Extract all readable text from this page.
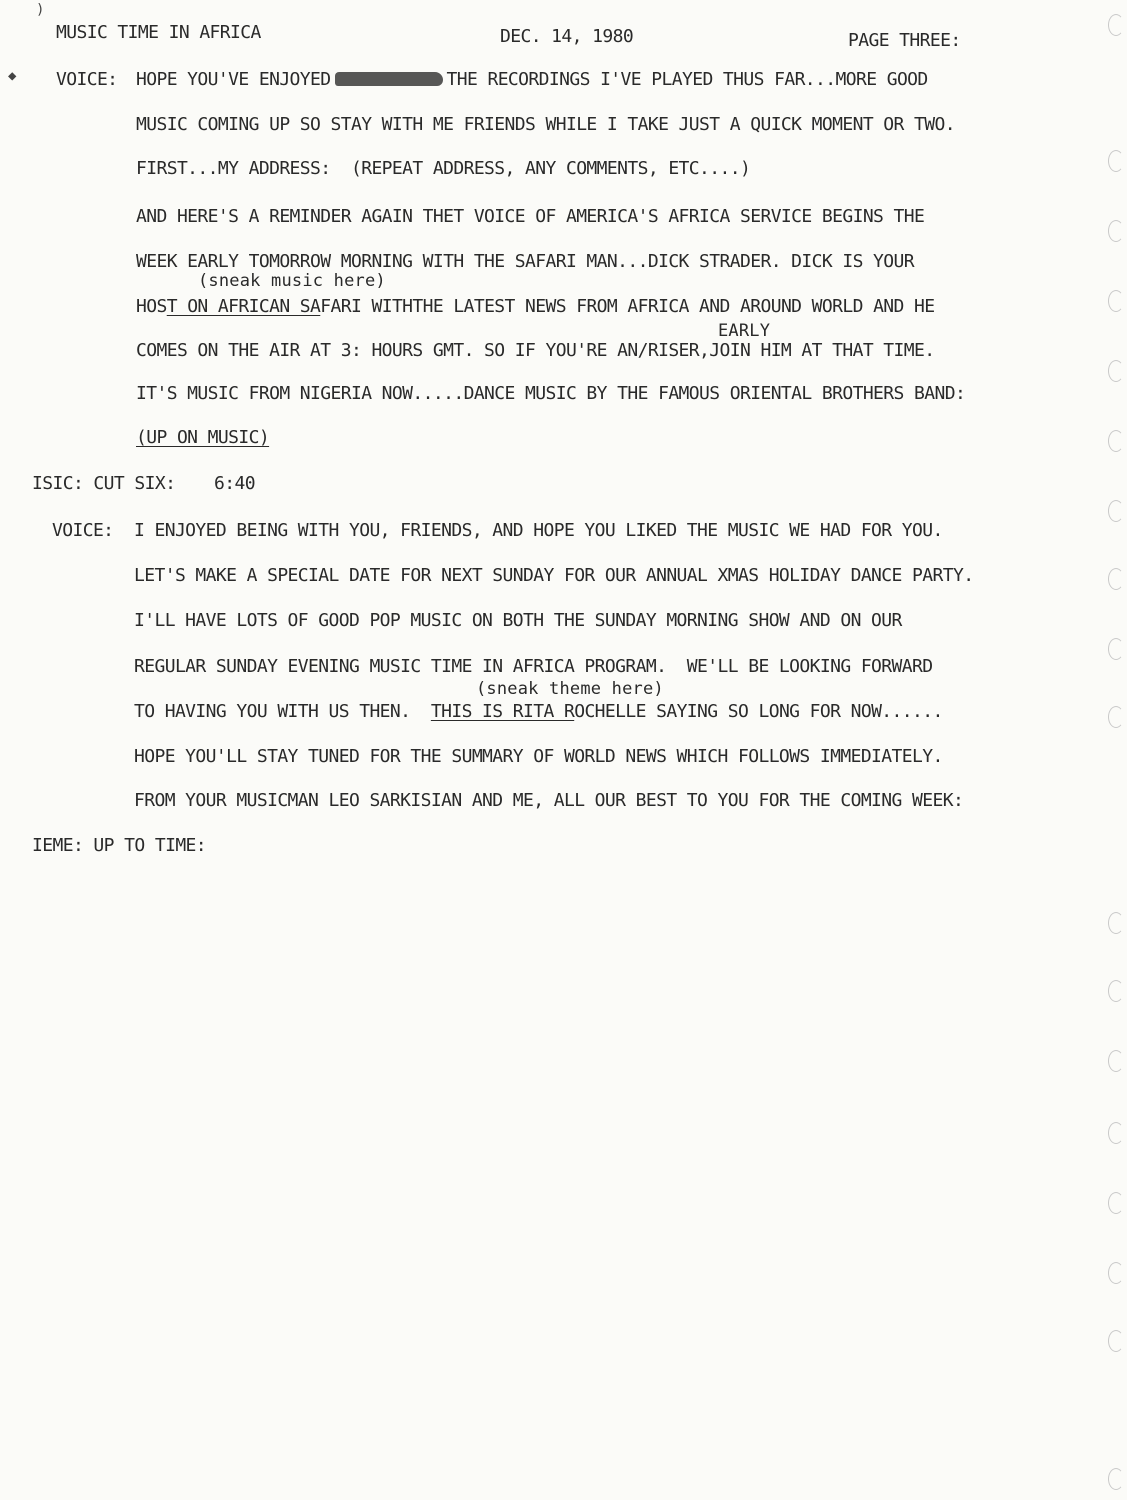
MUSIC TIME IN AFRICA	DEC. 14, 1980	PAGE THREE:
VOICE: HOPE YOU'VE ENJOYED	THE RECORDINGS I'VE PLAYED THUS FAR...MORE GOOD
MUSIC COMING UP SO STAY WITH ME FRIENDS WHILE I TAKE JUST A QUICK MOMENT OR TWO.
FIRST...MY ADDRESS:  (REPEAT ADDRESS, ANY COMMENTS, ETC....)
AND HERE'S A REMINDER AGAIN THET VOICE OF AMERICA'S AFRICA SERVICE BEGINS THE
WEEK EARLY TOMORROW MORNING WITH THE SAFARI MAN...DICK STRADER. DICK IS YOUR
(sneak music here)
HOST ON AFRICAN SAFARI WITHTHE LATEST NEWS FROM AFRICA AND AROUND WORLD AND HE
EARLY
COMES ON THE AIR AT 3: HOURS GMT. SO IF YOU'RE AN/RISER,JOIN HIM AT THAT TIME.
IT'S MUSIC FROM NIGERIA NOW.....DANCE MUSIC BY THE FAMOUS ORIENTAL BROTHERS BAND:
(UP ON MUSIC)
ISIC: CUT SIX: 6:40
VOICE: I ENJOYED BEING WITH YOU, FRIENDS, AND HOPE YOU LIKED THE MUSIC WE HAD FOR YOU.
LET'S MAKE A SPECIAL DATE FOR NEXT SUNDAY FOR OUR ANNUAL XMAS HOLIDAY DANCE PARTY.
I'LL HAVE LOTS OF GOOD POP MUSIC ON BOTH THE SUNDAY MORNING SHOW AND ON OUR
REGULAR SUNDAY EVENING MUSIC TIME IN AFRICA PROGRAM.  WE'LL BE LOOKING FORWARD
(sneak theme here)
TO HAVING YOU WITH US THEN.  THIS IS RITA ROCHELLE SAYING SO LONG FOR NOW......
HOPE YOU'LL STAY TUNED FOR THE SUMMARY OF WORLD NEWS WHICH FOLLOWS IMMEDIATELY.
FROM YOUR MUSICMAN LEO SARKISIAN AND ME, ALL OUR BEST TO YOU FOR THE COMING WEEK:
IEME: UP TO TIME:
◆
)
